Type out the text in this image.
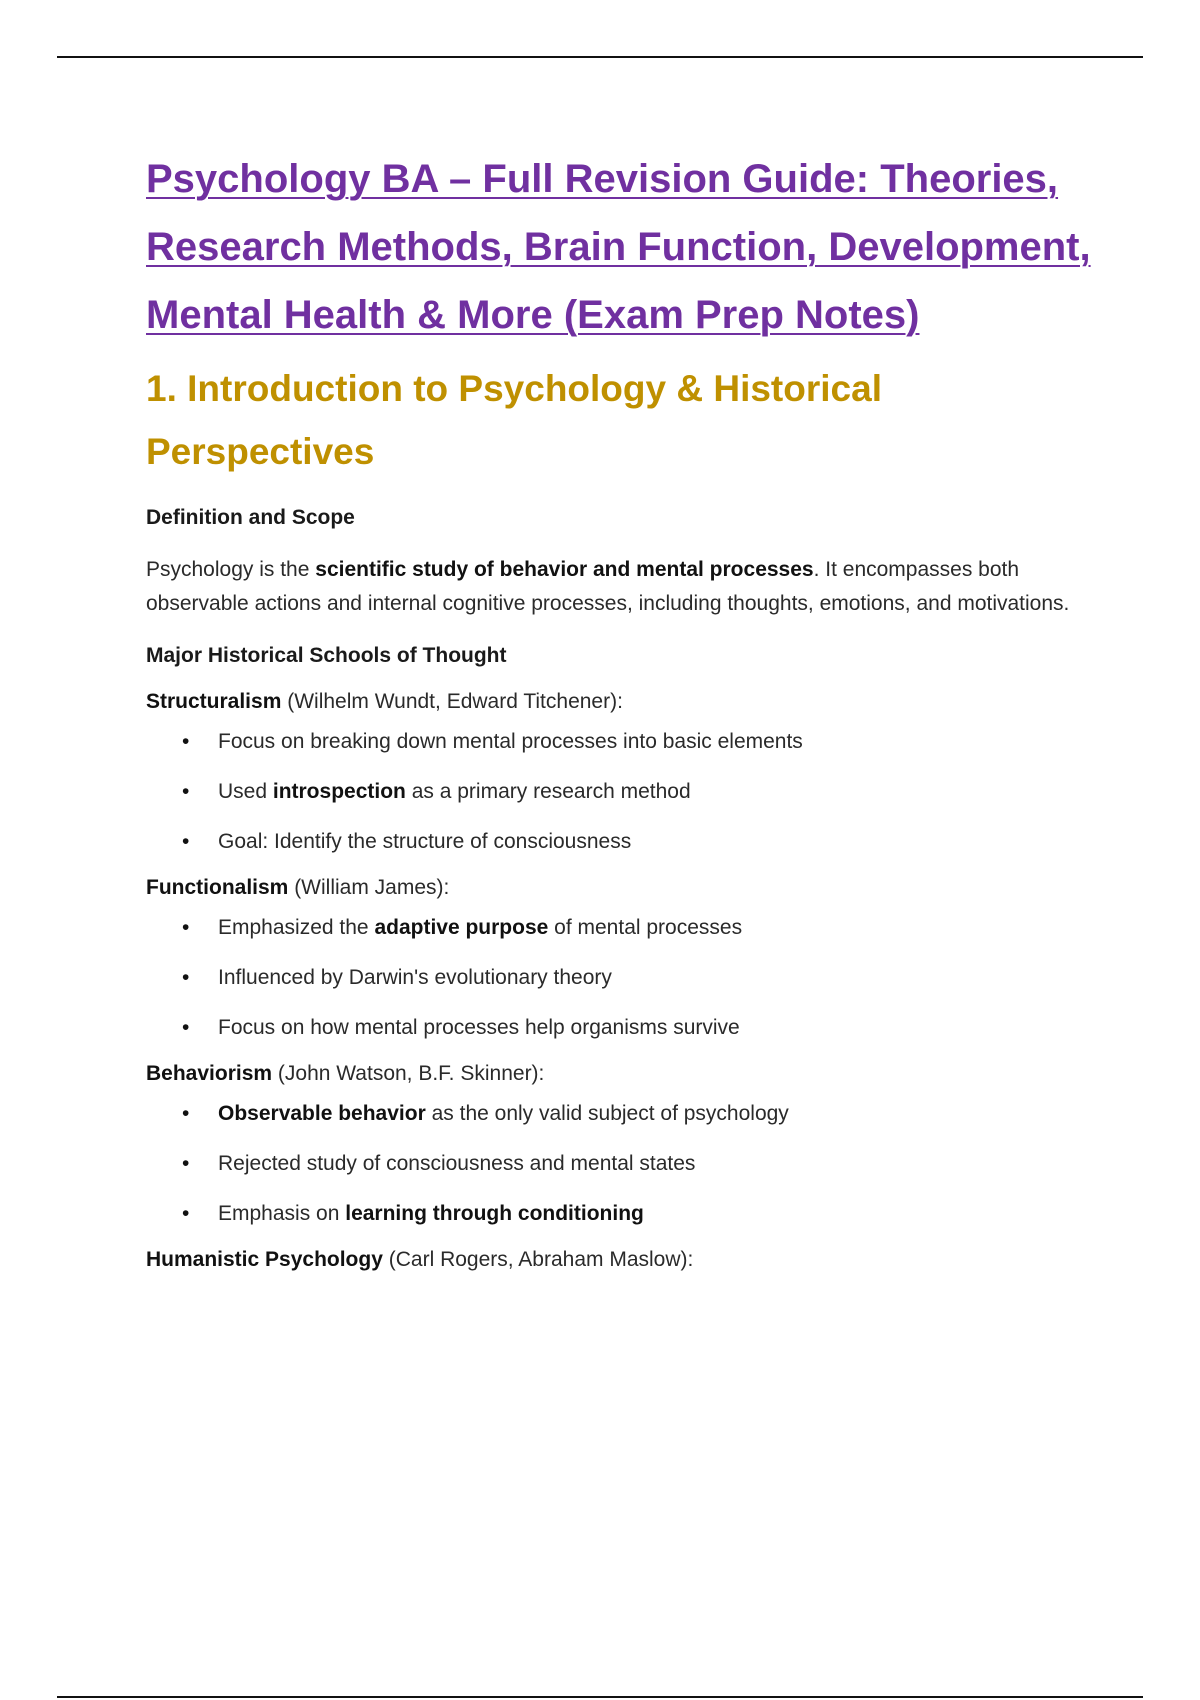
Psychology BA – Full Revision Guide: Theories, Research Methods, Brain Function, Development, Mental Health & More (Exam Prep Notes)
1. Introduction to Psychology & Historical Perspectives

Definition and Scope

Psychology is the scientific study of behavior and mental processes. It encompasses both observable actions and internal cognitive processes, including thoughts, emotions, and motivations.

Major Historical Schools of Thought

Structuralism (Wilhelm Wundt, Edward Titchener):

• Focus on breaking down mental processes into basic elements
• Used introspection as a primary research method
• Goal: Identify the structure of consciousness

Functionalism (William James):

• Emphasized the adaptive purpose of mental processes
• Influenced by Darwin's evolutionary theory
• Focus on how mental processes help organisms survive

Behaviorism (John Watson, B.F. Skinner):

• Observable behavior as the only valid subject of psychology
• Rejected study of consciousness and mental states
• Emphasis on learning through conditioning

Humanistic Psychology (Carl Rogers, Abraham Maslow):
